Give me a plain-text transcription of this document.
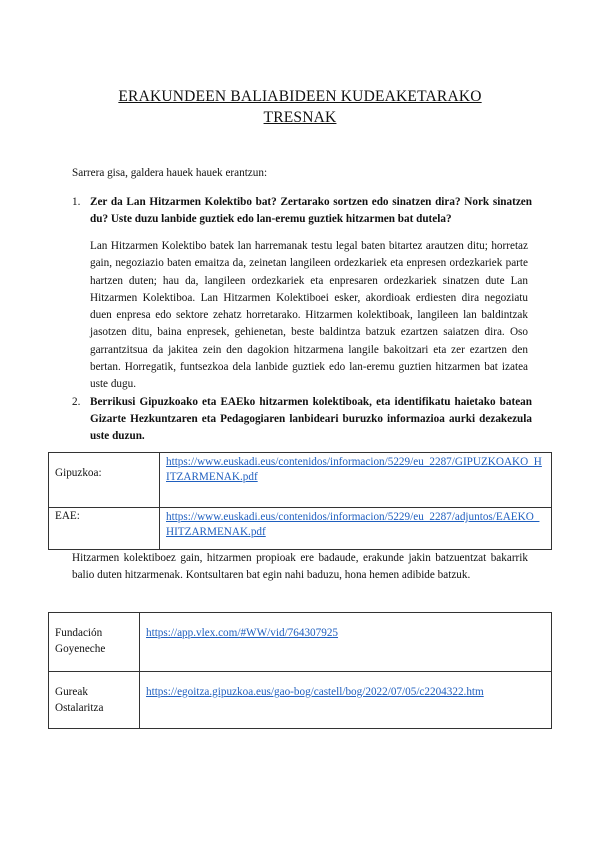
ERAKUNDEEN BALIABIDEEN KUDEAKETARAKO
TRESNAK
Sarrera gisa, galdera hauek hauek erantzun:
1. Zer da Lan Hitzarmen Kolektibo bat? Zertarako sortzen edo sinatzen dira? Nork sinatzen du? Uste duzu lanbide guztiek edo lan-eremu guztiek hitzarmen bat dutela?
Lan Hitzarmen Kolektibo batek lan harremanak testu legal baten bitartez arautzen ditu; horretaz gain, negoziazio baten emaitza da, zeinetan langileen ordezkariek eta enpresen ordezkariek parte hartzen duten; hau da, langileen ordezkariek eta enpresaren ordezkariek sinatzen dute Lan Hitzarmen Kolektiboa. Lan Hitzarmen Kolektiboei esker, akordioak erdiesten dira negoziatu duen enpresa edo sektore zehatz horretarako. Hitzarmen kolektiboak, langileen lan baldintzak jasotzen ditu, baina enpresek, gehienetan, beste baldintza batzuk ezartzen saiatzen dira. Oso garrantzitsua da jakitea zein den dagokion hitzarmena langile bakoitzari eta zer ezartzen den bertan. Horregatik, funtsezkoa dela lanbide guztiek edo lan-eremu guztien hitzarmen bat izatea uste dugu.
2. Berrikusi Gipuzkoako eta EAEko hitzarmen kolektiboak, eta identifikatu haietako batean Gizarte Hezkuntzaren eta Pedagogiaren lanbideari buruzko informazioa aurki dezakezula uste duzun.
Gipuzkoa:	https://www.euskadi.eus/contenidos/informacion/5229/eu_2287/GIPUZKOAKO_HITZARMENAK.pdf
EAE:	https://www.euskadi.eus/contenidos/informacion/5229/eu_2287/adjuntos/EAEKO_HITZARMENAK.pdf
Hitzarmen kolektiboez gain, hitzarmen propioak ere badaude, erakunde jakin batzuentzat bakarrik balio duten hitzarmenak. Kontsultaren bat egin nahi baduzu, hona hemen adibide batzuk.
Fundación Goyeneche	https://app.vlex.com/#WW/vid/764307925
Gureak Ostalaritza	https://egoitza.gipuzkoa.eus/gao-bog/castell/bog/2022/07/05/c2204322.htm
